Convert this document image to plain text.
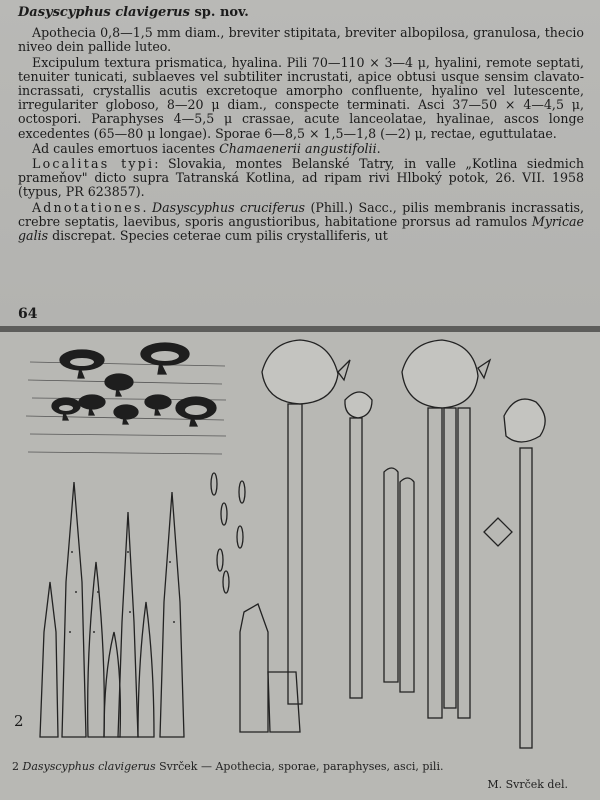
Dasyscyphus clavigerus sp. nov.

Apothecia 0,8—1,5 mm diam., breviter stipitata, breviter albopilosa, granulosa, thecio niveo dein pallide luteo.

Excipulum textura prismatica, hyalina. Pili 70—110 × 3—4 μ, hyalini, remote septati, tenuiter tunicati, sublaeves vel subtiliter incrustati, apice obtusi usque sensim clavato-incrassati, crystallis acutis excretoque amorpho confluente, hyalino vel lutescente, irregulariter globoso, 8—20 μ diam., conspecte terminati. Asci 37—50 × 4—4,5 μ, octospori. Paraphyses 4—5,5 μ crassae, acute lanceolatae, hyalinae, ascos longe excedentes (65—80 μ longae). Sporae 6—8,5 × 1,5—1,8 (—2) μ, rectae, eguttulatae.

Ad caules emortuos iacentes Chamaenerii angustifolii.

Localitas typi: Slovakia, montes Belanské Tatry, in valle „Kotlina siedmich prameňov" dicto supra Tatranská Kotlina, ad ripam rivi Hlboký potok, 26. VII. 1958 (typus, PR 623857).

Adnotationes. Dasyscyphus cruciferus (Phill.) Sacc., pilis membranis incrassatis, crebre septatis, laevibus, sporis angustioribus, habitatione prorsus ad ramulos Myricae galis discrepat. Species ceterae cum pilis crystalliferis, ut

64
2
2 Dasyscyphus clavigerus Svrček — Apothecia, sporae, paraphyses, asci, pili.
M. Svrček del.
